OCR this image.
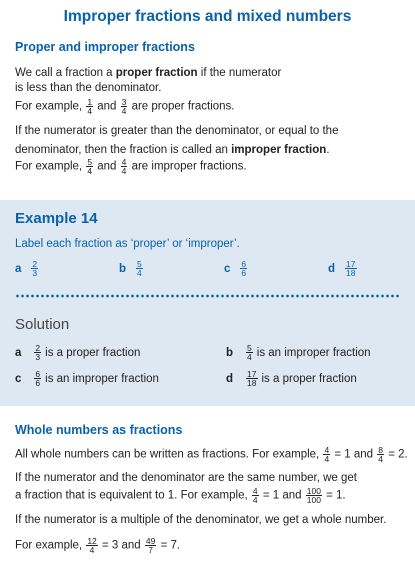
Improper fractions and mixed numbers
Proper and improper fractions
We call a fraction a proper fraction if the numerator
is less than the denominator.
For example, $\frac{1}{4}$ and $\frac{3}{4}$ are proper fractions.
If the numerator is greater than the denominator, or equal to the
denominator, then the fraction is called an improper fraction.
For example, $\frac{5}{4}$ and $\frac{4}{4}$ are improper fractions.
Example 14
Label each fraction as ‘proper’ or ‘improper’.
a $\frac{2}{3}$	b $\frac{5}{4}$	c $\frac{6}{6}$	d $\frac{17}{18}$
Solution
a $\frac{2}{3}$ is a proper fraction	b $\frac{5}{4}$ is an improper fraction
c $\frac{6}{6}$ is an improper fraction	d $\frac{17}{18}$ is a proper fraction
Whole numbers as fractions
All whole numbers can be written as fractions. For example, $\frac{4}{4} = 1$ and $\frac{8}{4} = 2$.
If the numerator and the denominator are the same number, we get
a fraction that is equivalent to 1. For example, $\frac{4}{4} = 1$ and $\frac{100}{100} = 1$.
If the numerator is a multiple of the denominator, we get a whole number.
For example, $\frac{12}{4} = 3$ and $\frac{49}{7} = 7$.
